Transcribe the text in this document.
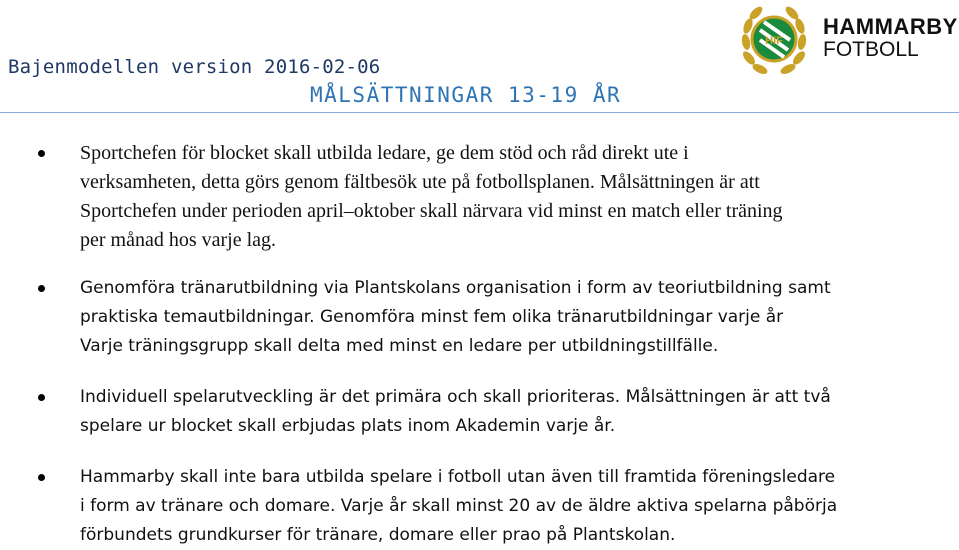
Bajenmodellen version 2016-02-06
MÅLSÄTTNINGAR 13-19 ÅR
HIF
HAMMARBY
FOTBOLL
Sportchefen för blocket skall utbilda ledare, ge dem stöd och råd direkt ute i
verksamheten, detta görs genom fältbesök ute på fotbollsplanen. Målsättningen är att
Sportchefen under perioden april–oktober skall närvara vid minst en match eller träning
per månad hos varje lag.
Genomföra tränarutbildning via Plantskolans organisation i form av teoriutbildning samt
praktiska temautbildningar. Genomföra minst fem olika tränarutbildningar varje år
Varje träningsgrupp skall delta med minst en ledare per utbildningstillfälle.
Individuell spelarutveckling är det primära och skall prioriteras. Målsättningen är att två
spelare ur blocket skall erbjudas plats inom Akademin varje år.
Hammarby skall inte bara utbilda spelare i fotboll utan även till framtida föreningsledare
i form av tränare och domare. Varje år skall minst 20 av de äldre aktiva spelarna påbörja
förbundets grundkurser för tränare, domare eller prao på Plantskolan.
